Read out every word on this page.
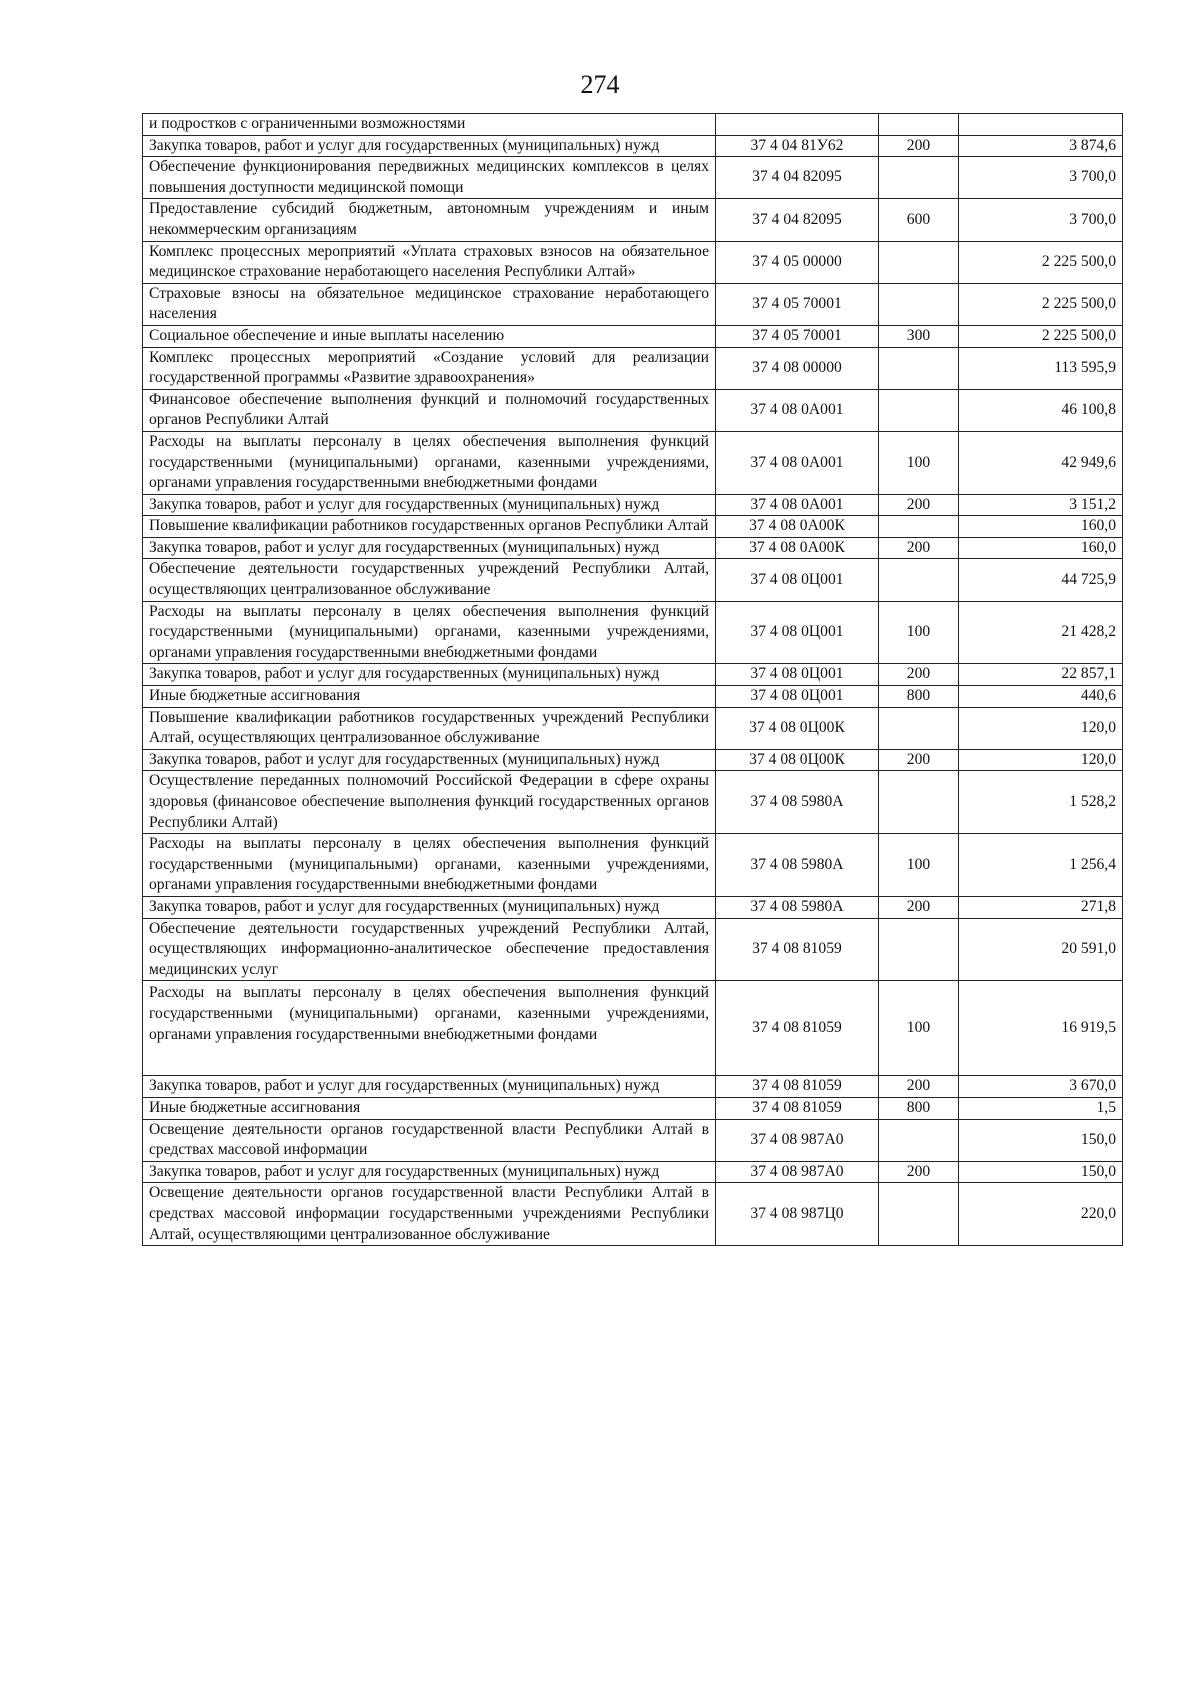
274
и подростков с ограниченными возможностями			
Закупка товаров, работ и услуг для государственных (муниципальных) нужд	37 4 04 81У62	200	3 874,6
Обеспечение функционирования передвижных медицинских комплексов в целях повышения доступности медицинской помощи	37 4 04 82095		3 700,0
Предоставление субсидий бюджетным, автономным учреждениям и иным некоммерческим организациям	37 4 04 82095	600	3 700,0
Комплекс процессных мероприятий «Уплата страховых взносов на обязательное медицинское страхование неработающего населения Республики Алтай»	37 4 05 00000		2 225 500,0
Страховые взносы на обязательное медицинское страхование неработающего населения	37 4 05 70001		2 225 500,0
Социальное обеспечение и иные выплаты населению	37 4 05 70001	300	2 225 500,0
Комплекс процессных мероприятий «Создание условий для реализации государственной программы «Развитие здравоохранения»	37 4 08 00000		113 595,9
Финансовое обеспечение выполнения функций и полномочий государственных органов Республики Алтай	37 4 08 0А001		46 100,8
Расходы на выплаты персоналу в целях обеспечения выполнения функций государственными (муниципальными) органами, казенными учреждениями, органами управления государственными внебюджетными фондами	37 4 08 0А001	100	42 949,6
Закупка товаров, работ и услуг для государственных (муниципальных) нужд	37 4 08 0А001	200	3 151,2
Повышение квалификации работников государственных органов Республики Алтай	37 4 08 0А00К		160,0
Закупка товаров, работ и услуг для государственных (муниципальных) нужд	37 4 08 0А00К	200	160,0
Обеспечение деятельности государственных учреждений Республики Алтай, осуществляющих централизованное обслуживание	37 4 08 0Ц001		44 725,9
Расходы на выплаты персоналу в целях обеспечения выполнения функций государственными (муниципальными) органами, казенными учреждениями, органами управления государственными внебюджетными фондами	37 4 08 0Ц001	100	21 428,2
Закупка товаров, работ и услуг для государственных (муниципальных) нужд	37 4 08 0Ц001	200	22 857,1
Иные бюджетные ассигнования	37 4 08 0Ц001	800	440,6
Повышение квалификации работников государственных учреждений Республики Алтай, осуществляющих централизованное обслуживание	37 4 08 0Ц00К		120,0
Закупка товаров, работ и услуг для государственных (муниципальных) нужд	37 4 08 0Ц00К	200	120,0
Осуществление переданных полномочий Российской Федерации в сфере охраны здоровья (финансовое обеспечение выполнения функций государственных органов Республики Алтай)	37 4 08 5980А		1 528,2
Расходы на выплаты персоналу в целях обеспечения выполнения функций государственными (муниципальными) органами, казенными учреждениями, органами управления государственными внебюджетными фондами	37 4 08 5980А	100	1 256,4
Закупка товаров, работ и услуг для государственных (муниципальных) нужд	37 4 08 5980А	200	271,8
Обеспечение деятельности государственных учреждений Республики Алтай, осуществляющих информационно-аналитическое обеспечение предоставления медицинских услуг	37 4 08 81059		20 591,0
Расходы на выплаты персоналу в целях обеспечения выполнения функций государственными (муниципальными) органами, казенными учреждениями, органами управления государственными внебюджетными фондами	37 4 08 81059	100	16 919,5
Закупка товаров, работ и услуг для государственных (муниципальных) нужд	37 4 08 81059	200	3 670,0
Иные бюджетные ассигнования	37 4 08 81059	800	1,5
Освещение деятельности органов государственной власти Республики Алтай в средствах массовой информации	37 4 08 987А0		150,0
Закупка товаров, работ и услуг для государственных (муниципальных) нужд	37 4 08 987А0	200	150,0
Освещение деятельности органов государственной власти Республики Алтай в средствах массовой информации государственными учреждениями Республики Алтай, осуществляющими централизованное обслуживание	37 4 08 987Ц0		220,0
